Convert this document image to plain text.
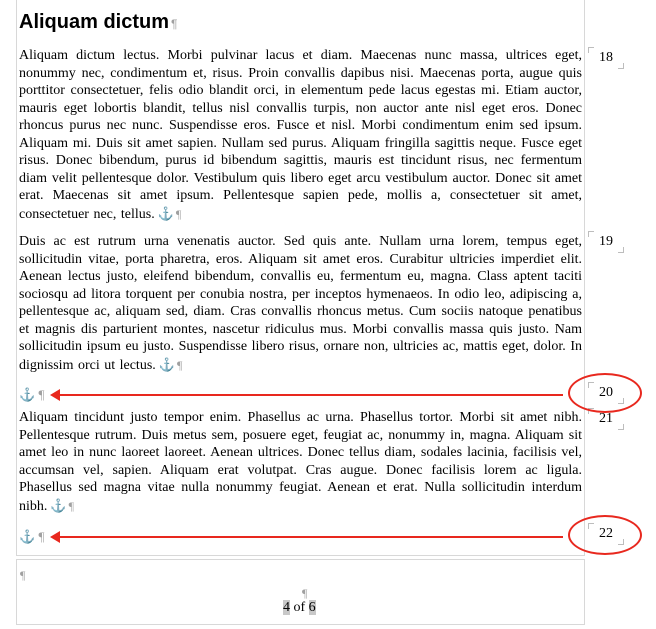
Aliquam dictum ¶

Aliquam dictum lectus. Morbi pulvinar lacus et diam. Maecenas nunc massa, ultrices eget, nonummy nec, condimentum et, risus. Proin convallis dapibus nisi. Maecenas porta, augue quis porttitor consectetuer, felis odio blandit orci, in elementum pede lacus egestas mi. Etiam auctor, mauris eget lobortis blandit, tellus nisl convallis turpis, non auctor ante nisl eget eros. Donec rhoncus purus nec nunc. Suspendisse eros. Fusce et nisl. Morbi condimentum enim sed ipsum. Aliquam mi. Duis sit amet sapien. Nullam sed purus. Aliquam fringilla sagittis neque. Fusce eget risus. Donec bibendum, purus id bibendum sagittis, mauris est tincidunt risus, nec fermentum diam velit pellentesque dolor. Vestibulum quis libero eget arcu vestibulum auctor. Donec sit amet erat. Maecenas sit amet ipsum. Pellentesque sapien pede, mollis a, consectetuer sit amet, consectetuer nec, tellus. ⚓ ¶

Duis ac est rutrum urna venenatis auctor. Sed quis ante. Nullam urna lorem, tempus eget, sollicitudin vitae, porta pharetra, eros. Aliquam sit amet eros. Curabitur ultricies imperdiet elit. Aenean lectus justo, eleifend bibendum, convallis eu, fermentum eu, magna. Class aptent taciti sociosqu ad litora torquent per conubia nostra, per inceptos hymenaeos. In odio leo, adipiscing a, pellentesque ac, aliquam sed, diam. Cras convallis rhoncus metus. Cum sociis natoque penatibus et magnis dis parturient montes, nascetur ridiculus mus. Morbi convallis massa quis justo. Nam sollicitudin ipsum eu justo. Suspendisse libero risus, ornare non, ultricies ac, mattis eget, dolor. In dignissim orci ut lectus. ⚓ ¶

⚓ ¶

Aliquam tincidunt justo tempor enim. Phasellus ac urna. Phasellus tortor. Morbi sit amet nibh. Pellentesque rutrum. Duis metus sem, posuere eget, feugiat ac, nonummy in, magna. Aliquam sit amet leo in nunc laoreet laoreet. Aenean ultrices. Donec tellus diam, sodales lacinia, facilisis vel, accumsan vel, sapien. Aliquam erat volutpat. Cras augue. Donec facilisis lorem ac ligula. Phasellus sed magna vitae nulla nonummy feugiat. Aenean et erat. Nulla sollicitudin interdum nibh. ⚓ ¶

⚓ ¶
18
19
20
21
22
¶
¶
4 of 6
